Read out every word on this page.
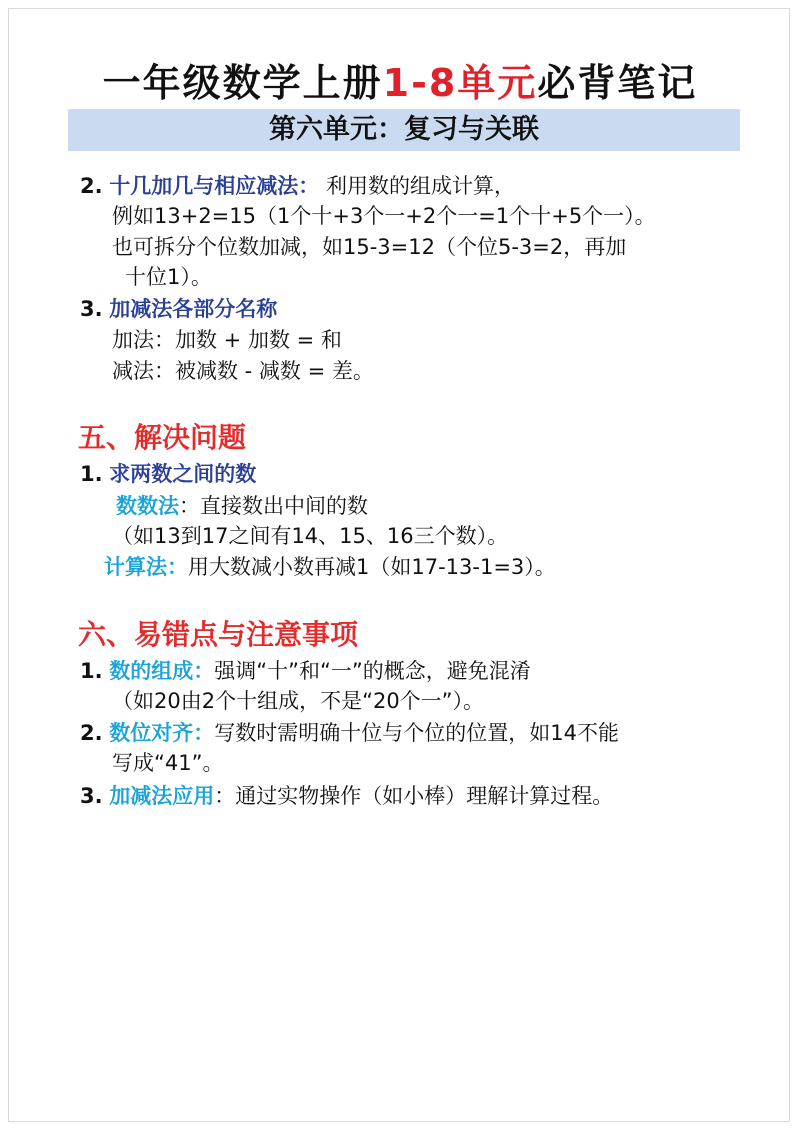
一年级数学上册1-8单元必背笔记
第六单元：复习与关联
2. 十几加几与相应减法： 利用数的组成计算，
例如13+2=15（1个十+3个一+2个一=1个十+5个一）。
也可拆分个位数加减，如15-3=12（个位5-3=2，再加
十位1）。
3. 加减法各部分名称
加法：加数 + 加数 = 和
减法：被减数 - 减数 = 差。
五、解决问题
1. 求两数之间的数
数数法：直接数出中间的数
（如13到17之间有14、15、16三个数）。
计算法：用大数减小数再减1（如17-13-1=3）。
六、易错点与注意事项
1. 数的组成：强调“十”和“一”的概念，避免混淆
（如20由2个十组成，不是“20个一”）。
2. 数位对齐：写数时需明确十位与个位的位置，如14不能
写成“41”。
3. 加减法应用：通过实物操作（如小棒）理解计算过程。
